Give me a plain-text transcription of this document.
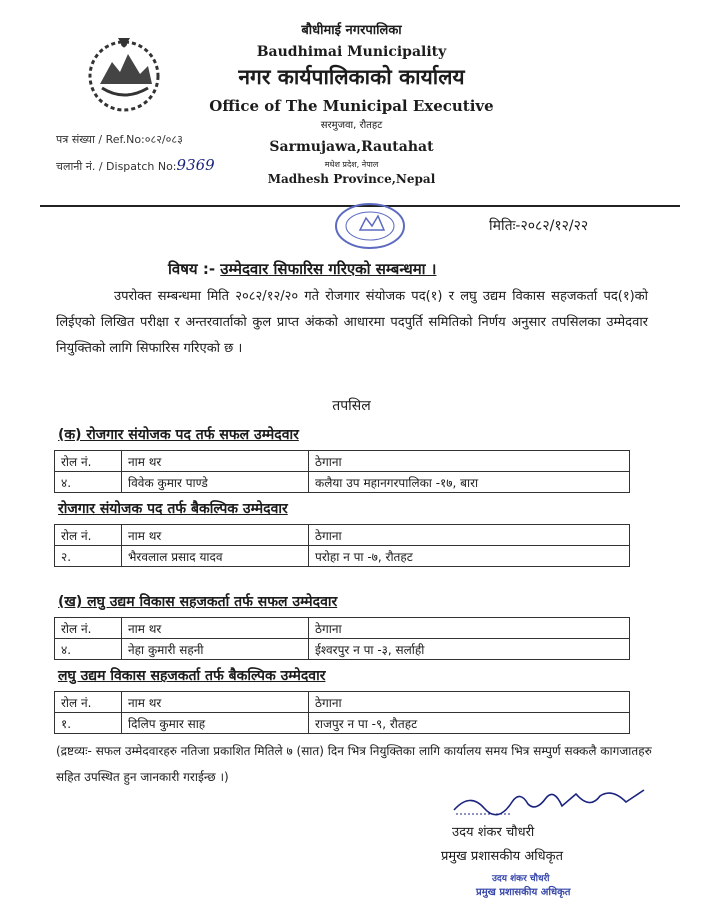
बौधीमाई नगरपालिका
Baudhimai Municipality
नगर कार्यपालिकाको कार्यालय
Office of The Municipal Executive
सरमुजवा, रौतहट
Sarmujawa,Rautahat
मधेश प्रदेश, नेपाल
Madhesh Province,Nepal
पत्र संख्या / Ref.No:०८२/०८३
चलानी नं. / Dispatch No:9369
मितिः-२०८२/१२/२२
विषय :- उम्मेदवार सिफारिस गरिएको सम्बन्धमा ।
उपरोक्त सम्बन्धमा मिति २०८२/१२/२० गते रोजगार संयोजक पद(१) र लघु उद्यम विकास सहजकर्ता पद(१)को लिईएको लिखित परीक्षा र अन्तरवार्ताको कुल प्राप्त अंकको आधारमा पदपुर्ति समितिको निर्णय अनुसार तपसिलका उम्मेदवार नियुक्तिको लागि सिफारिस गरिएको छ ।
तपसिल
(क) रोजगार संयोजक पद तर्फ सफल उम्मेदवार
रोल नं.	नाम थर	ठेगाना
४.	विवेक कुमार पाण्डे	कलैया उप महानगरपालिका -१७, बारा
रोजगार संयोजक पद तर्फ बैकल्पिक उम्मेदवार
रोल नं.	नाम थर	ठेगाना
२.	भैरवलाल प्रसाद यादव	परोहा न पा -७, रौतहट
(ख) लघु उद्यम विकास सहजकर्ता तर्फ सफल उम्मेदवार
रोल नं.	नाम थर	ठेगाना
४.	नेहा कुमारी सहनी	ईश्वरपुर न पा -३, सर्लाही
लघु उद्यम विकास सहजकर्ता तर्फ बैकल्पिक उम्मेदवार
रोल नं.	नाम थर	ठेगाना
१.	दिलिप कुमार साह	राजपुर न पा -९, रौतहट
(द्रष्टव्यः- सफल उम्मेदवारहरु नतिजा प्रकाशित मितिले ७ (सात) दिन भित्र नियुक्तिका लागि कार्यालय समय भित्र सम्पुर्ण सक्कलै कागजातहरु सहित उपस्थित हुन जानकारी गराईन्छ ।)
उदय शंकर चौधरी
प्रमुख प्रशासकीय अधिकृत
उदय शंकर चौधरी
प्रमुख प्रशासकीय अधिकृत
